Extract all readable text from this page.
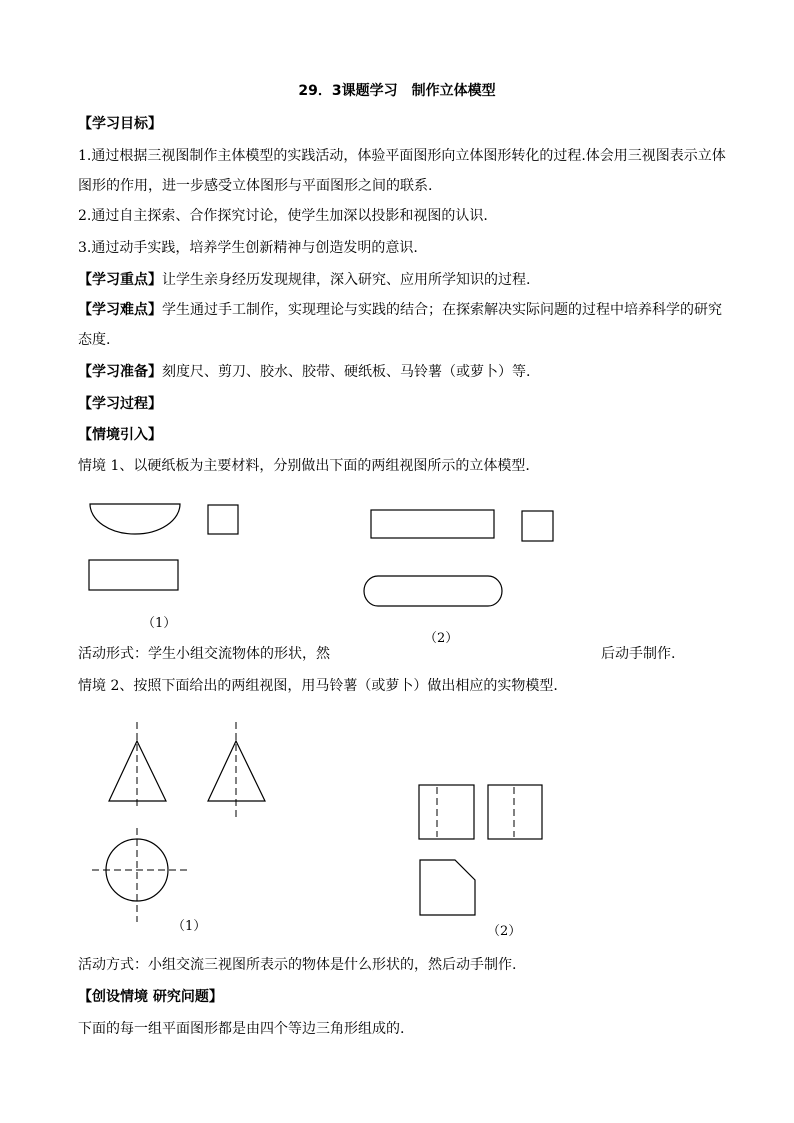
29．3课题学习　制作立体模型
【学习目标】
1.通过根据三视图制作主体模型的实践活动，体验平面图形向立体图形转化的过程.体会用三视图表示立体
图形的作用，进一步感受立体图形与平面图形之间的联系.
2.通过自主探索、合作探究讨论，使学生加深以投影和视图的认识.
3.通过动手实践，培养学生创新精神与创造发明的意识.
【学习重点】让学生亲身经历发现规律，深入研究、应用所学知识的过程.
【学习难点】学生通过手工制作，实现理论与实践的结合；在探索解决实际问题的过程中培养科学的研究
态度.
【学习准备】刻度尺、剪刀、胶水、胶带、硬纸板、马铃薯（或萝卜）等.
【学习过程】
【情境引入】
情境 1、以硬纸板为主要材料，分别做出下面的两组视图所示的立体模型.
（1）
（2）
活动形式：学生小组交流物体的形状，然	后动手制作.
情境 2、按照下面给出的两组视图，用马铃薯（或萝卜）做出相应的实物模型.
（1）	（2）
活动方式：小组交流三视图所表示的物体是什么形状的，然后动手制作.
【创设情境 研究问题】
下面的每一组平面图形都是由四个等边三角形组成的.
